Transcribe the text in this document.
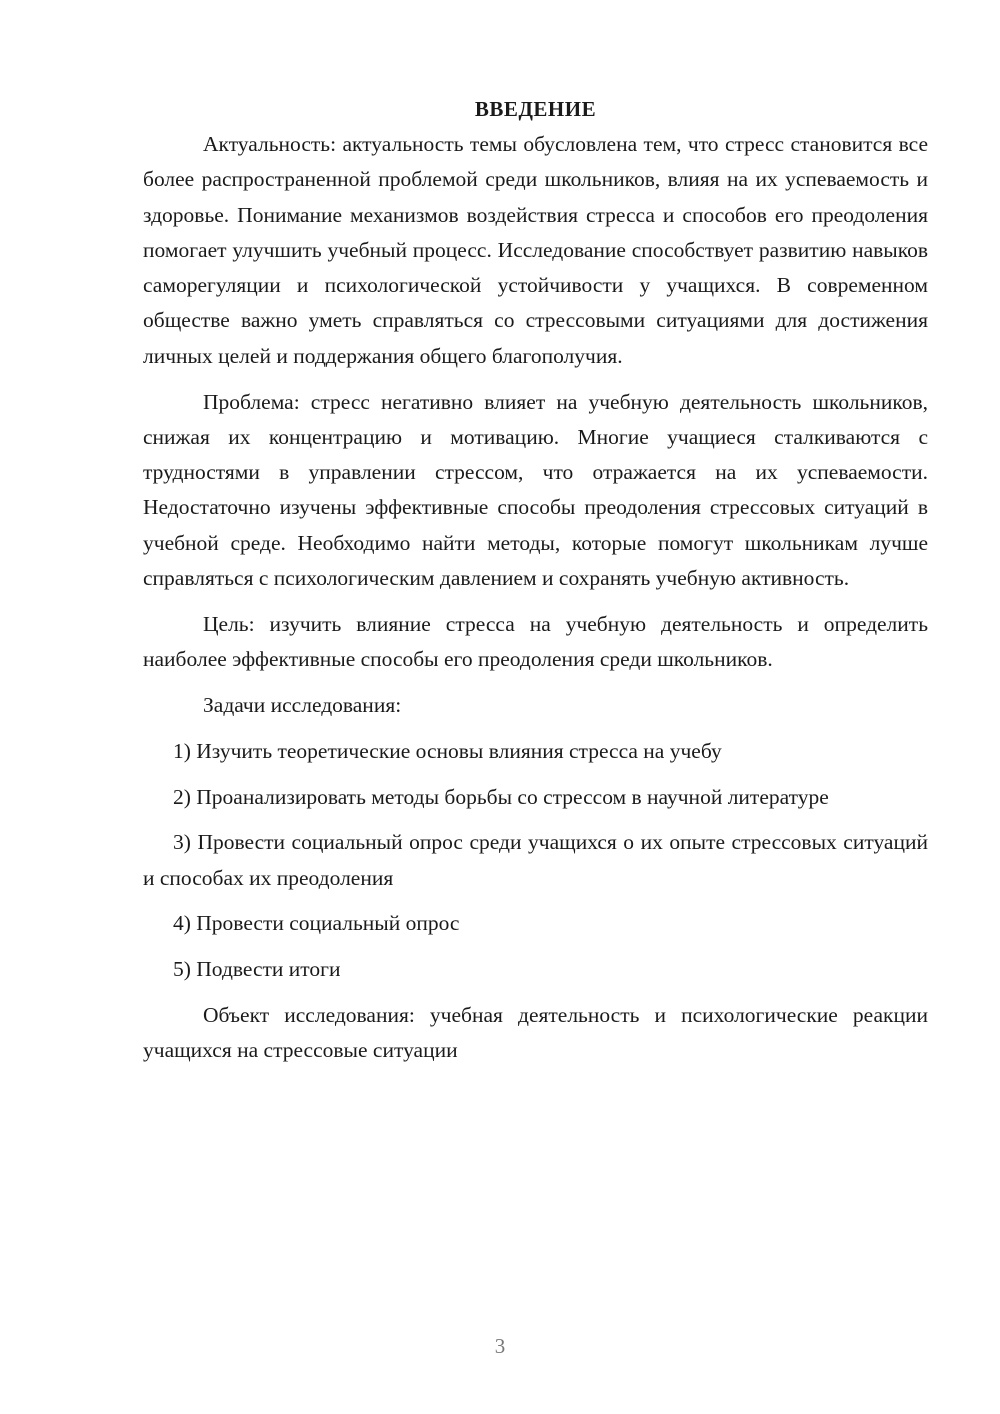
ВВЕДЕНИЕ

Актуальность: актуальность темы обусловлена тем, что стресс становится все более распространенной проблемой среди школьников, влияя на их успеваемость и здоровье. Понимание механизмов воздействия стресса и способов его преодоления помогает улучшить учебный процесс. Исследование способствует развитию навыков саморегуляции и психологической устойчивости у учащихся. В современном обществе важно уметь справляться со стрессовыми ситуациями для достижения личных целей и поддержания общего благополучия.

Проблема: стресс негативно влияет на учебную деятельность школьников, снижая их концентрацию и мотивацию. Многие учащиеся сталкиваются с трудностями в управлении стрессом, что отражается на их успеваемости. Недостаточно изучены эффективные способы преодоления стрессовых ситуаций в учебной среде. Необходимо найти методы, которые помогут школьникам лучше справляться с психологическим давлением и сохранять учебную активность.

Цель: изучить влияние стресса на учебную деятельность и определить наиболее эффективные способы его преодоления среди школьников.

Задачи исследования:

1) Изучить теоретические основы влияния стресса на учебу

2) Проанализировать методы борьбы со стрессом в научной литературе

3) Провести социальный опрос среди учащихся о их опыте стрессовых ситуаций и способах их преодоления

4) Провести социальный опрос

5) Подвести итоги

Объект исследования: учебная деятельность и психологические реакции учащихся на стрессовые ситуации

3
